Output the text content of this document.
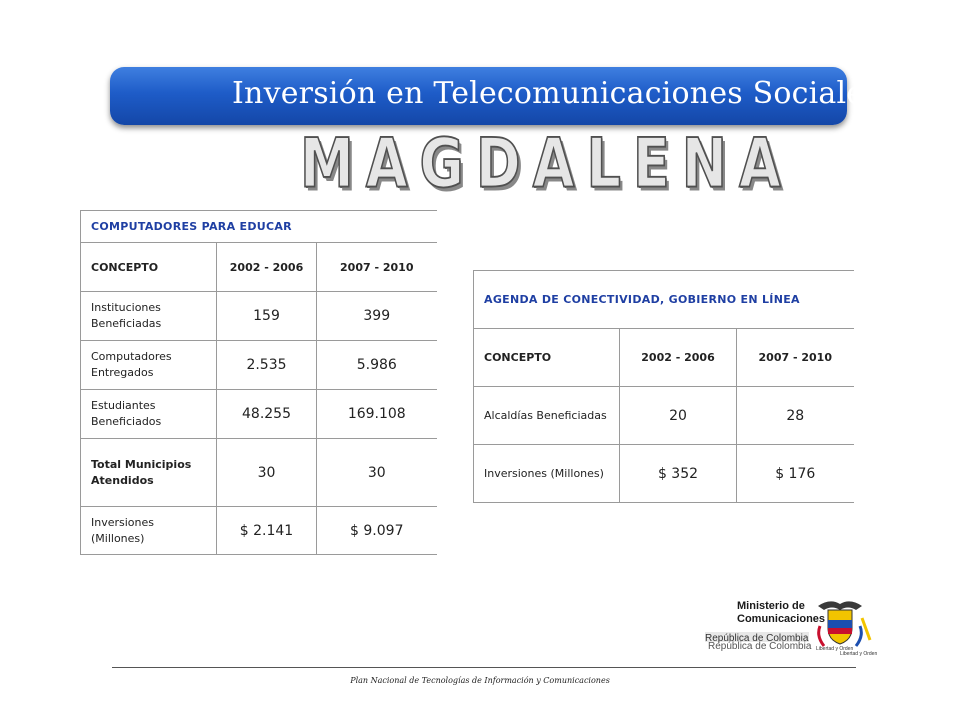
Inversión en Telecomunicaciones Sociales
MAGDALENA
COMPUTADORES PARA EDUCAR		
CONCEPTO	2002 - 2006	2007 - 2010
Instituciones Beneficiadas	159	399
Computadores Entregados	2.535	5.986
Estudiantes Beneficiados	48.255	169.108
Total Municipios Atendidos	30	30
Inversiones (Millones)	$ 2.141	$ 9.097
AGENDA DE CONECTIVIDAD, GOBIERNO EN LÍNEA		
CONCEPTO	2002 - 2006	2007 - 2010
Alcaldías Beneficiadas	20	28
Inversiones (Millones)	$ 352	$ 176
Ministerio de Comunicaciones
República de Colombia
República de Colombia Libertad y Orden
Libertad y Orden
Plan Nacional de Tecnologías de Información y Comunicaciones
